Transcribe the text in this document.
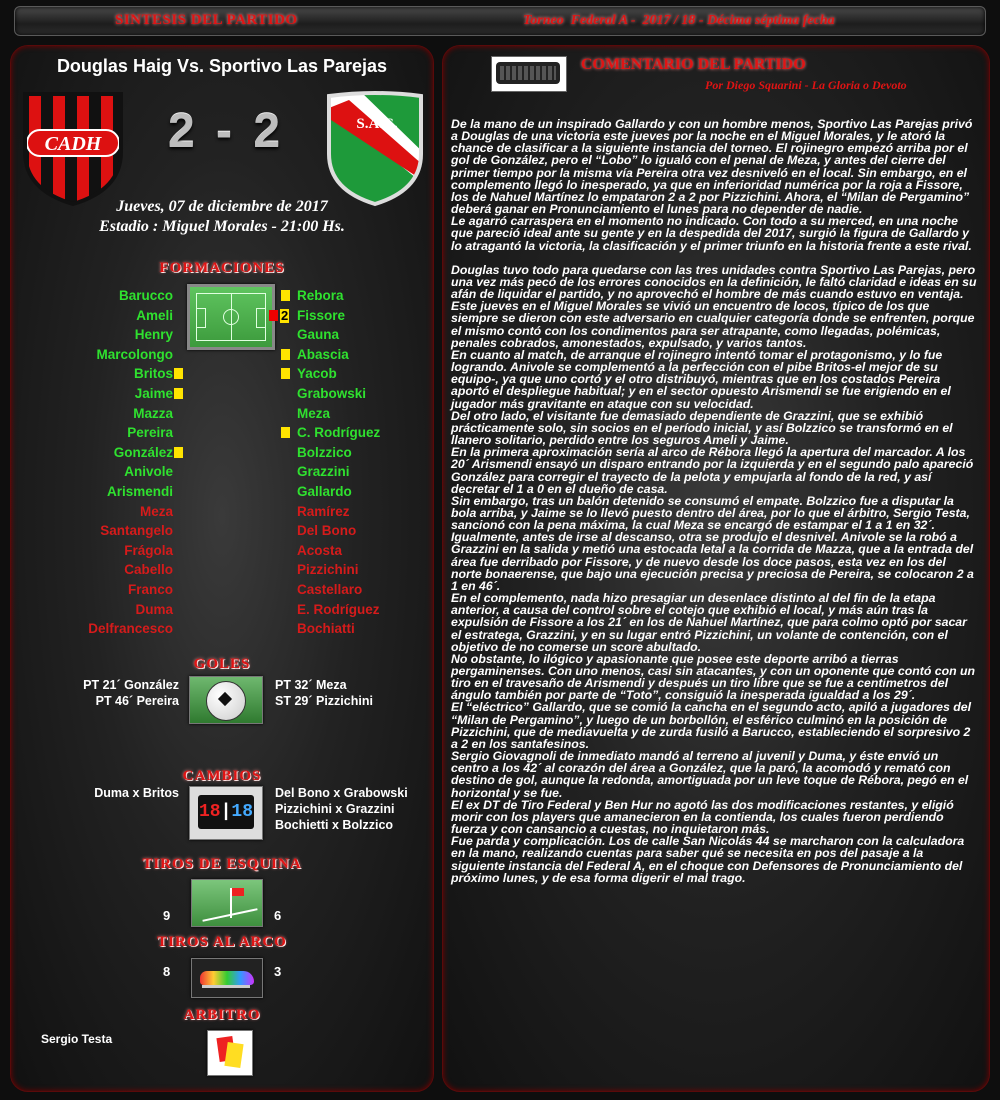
SINTESIS DEL PARTIDO	Torneo  Federal A -  2017 / 18 - Décima séptima fecha
Douglas Haig Vs. Sportivo Las Parejas
CADH 2 - 2	S.A.C.
Jueves, 07 de diciembre de 2017
Estadio : Miguel Morales - 21:00 Hs.
FORMACIONES
Barucco
Ameli
Henry
Marcolongo
Britos
Jaime
Mazza
Pereira
González
Anivole
Arismendi
Meza
Santangelo
Frágola
Cabello
Franco
Duma
Delfrancesco
2
Rebora
Fissore
Gauna
Abascia
Yacob
Grabowski
Meza
C. Rodríguez
Bolzzico
Grazzini
Gallardo
Ramírez
Del Bono
Acosta
Pizzichini
Castellaro
E. Rodríguez
Bochiatti
GOLES
PT 21´ González
PT 46´ Pereira
PT 32´ Meza
ST 29´ Pizzichini
CAMBIOS
Duma x Britos
18|18
Del Bono x Grabowski
Pizzichini x Grazzini
Bochietti x Bolzzico
TIROS DE ESQUINA
9	6
TIROS AL ARCO
8	3
ARBITRO
Sergio Testa
COMENTARIO DEL PARTIDO
Por Diego Squarini - La Gloria o Devoto

De la mano de un inspirado Gallardo y con un hombre menos, Sportivo Las Parejas privó a Douglas de una victoria este jueves por la noche en el Miguel Morales, y le atoró la chance de clasificar a la siguiente instancia del torneo. El rojinegro empezó arriba por el gol de González, pero el “Lobo” lo igualó con el penal de Meza, y antes del cierre del primer tiempo por la misma vía Pereira otra vez desniveló en el local. Sin embargo, en el complemento llegó lo inesperado, ya que en inferioridad numérica por la roja a Fissore, los de Nahuel Martínez lo empataron 2 a 2 por Pizzichini. Ahora, el “Milan de Pergamino” deberá ganar en Pronunciamiento el lunes para no depender de nadie.

Le agarró carraspera en el momento no indicado. Con todo a su merced, en una noche que pareció ideal ante su gente y en la despedida del 2017, surgió la figura de Gallardo y lo atragantó la victoria, la clasificación y el primer triunfo en la historia frente a este rival.

Douglas tuvo todo para quedarse con las tres unidades contra Sportivo Las Parejas, pero una vez más pecó de los errores conocidos en la definición, le faltó claridad e ideas en su afán de liquidar el partido, y no aprovechó el hombre de más cuando estuvo en ventaja.

Este jueves en el Miguel Morales se vivió un encuentro de locos, típico de los que siempre se dieron con este adversario en cualquier categoría donde se enfrenten, porque el mismo contó con los condimentos para ser atrapante, como llegadas, polémicas, penales cobrados, amonestados, expulsado, y varios tantos.

En cuanto al match, de arranque el rojinegro intentó tomar el protagonismo, y lo fue logrando. Anivole se complementó a la perfección con el pibe Britos-el mejor de su equipo-, ya que uno cortó y el otro distribuyó, mientras que en los costados Pereira aportó el despliegue habitual; y en el sector opuesto Arismendi se fue erigiendo en el jugador más gravitante en ataque con su velocidad.

Del otro lado, el visitante fue demasiado dependiente de Grazzini, que se exhibió prácticamente solo, sin socios en el período inicial, y así Bolzzico se transformó en el llanero solitario, perdido entre los seguros Ameli y Jaime.

En la primera aproximación sería al arco de Rébora llegó la apertura del marcador. A los 20´ Arismendi ensayó un disparo entrando por la izquierda y en el segundo palo apareció González para corregir el trayecto de la pelota y empujarla al fondo de la red, y así decretar el 1 a 0 en el dueño de casa.

Sin embargo, tras un balón detenido se consumó el empate. Bolzzico fue a disputar la bola arriba, y Jaime se lo llevó puesto dentro del área, por lo que el árbitro, Sergio Testa, sancionó con la pena máxima, la cual Meza se encargó de estampar el 1 a 1 en 32´.

Igualmente, antes de irse al descanso, otra se produjo el desnivel. Anivole se la robó a Grazzini en la salida y metió una estocada letal a la corrida de Mazza, que a la entrada del área fue derribado por Fissore, y de nuevo desde los doce pasos, esta vez en los del norte bonaerense, que bajo una ejecución precisa y preciosa de Pereira, se colocaron 2 a 1 en 46´.

En el complemento, nada hizo presagiar un desenlace distinto al del fin de la etapa anterior, a causa del control sobre el cotejo que exhibió el local, y más aún tras la expulsión de Fissore a los 21´ en los de Nahuel Martínez, que para colmo optó por sacar el estratega, Grazzini, y en su lugar entró Pizzichini, un volante de contención, con el objetivo de no comerse un score abultado.

No obstante, lo ilógico y apasionante que posee este deporte arribó a tierras pergaminenses. Con uno menos, casi sin atacantes, y con un oponente que contó con un tiro en el travesaño de Arismendi y después un tiro libre que se fue a centímetros del ángulo también por parte de “Toto”, consiguió la inesperada igualdad a los 29´.

El “eléctrico” Gallardo, que se comió la cancha en el segundo acto, apiló a jugadores del “Milan de Pergamino”, y luego de un borbollón, el esférico culminó en la posición de Pizzichini, que de mediavuelta y de zurda fusiló a Barucco, estableciendo el sorpresivo 2 a 2 en los santafesinos.

Sergio Giovagnoli de inmediato mandó al terreno al juvenil y Duma, y éste envió un centro a los 42´ al corazón del área a González, que la paró, la acomodó y remató con destino de gol, aunque la redonda, amortiguada por un leve toque de Rébora, pegó en el horizontal y se fue.

El ex DT de Tiro Federal y Ben Hur no agotó las dos modificaciones restantes, y eligió morir con los players que amanecieron en la contienda, los cuales fueron perdiendo fuerza y con cansancio a cuestas, no inquietaron más.

Fue parda y complicación. Los de calle San Nicolás 44 se marcharon con la calculadora en la mano, realizando cuentas para saber qué se necesita en pos del pasaje a la siguiente instancia del Federal A, en el choque con Defensores de Pronunciamiento del próximo lunes, y de esa forma digerir el mal trago.
